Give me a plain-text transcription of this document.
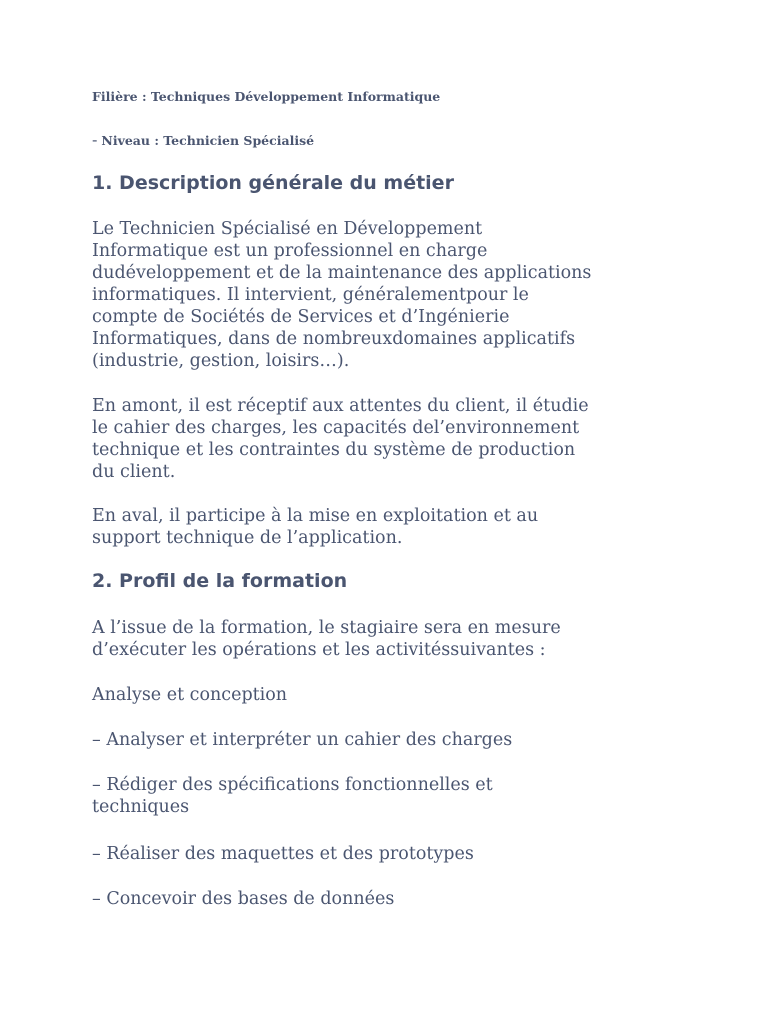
Filière : Techniques Développement Informatique
- Niveau : Technicien Spécialisé
1. Description générale du métier

Le Technicien Spécialisé en Développement
Informatique est un professionnel en charge
dudéveloppement et de la maintenance des applications
informatiques. Il intervient, généralementpour le
compte de Sociétés de Services et d’Ingénierie
Informatiques, dans de nombreuxdomaines applicatifs
(industrie, gestion, loisirs…).

En amont, il est réceptif aux attentes du client, il étudie
le cahier des charges, les capacités del’environnement
technique et les contraintes du système de production
du client.

En aval, il participe à la mise en exploitation et au
support technique de l’application.

2. Profil de la formation

A l’issue de la formation, le stagiaire sera en mesure
d’exécuter les opérations et les activitéssuivantes :

Analyse et conception

– Analyser et interpréter un cahier des charges

– Rédiger des spécifications fonctionnelles et
techniques

– Réaliser des maquettes et des prototypes

– Concevoir des bases de données
